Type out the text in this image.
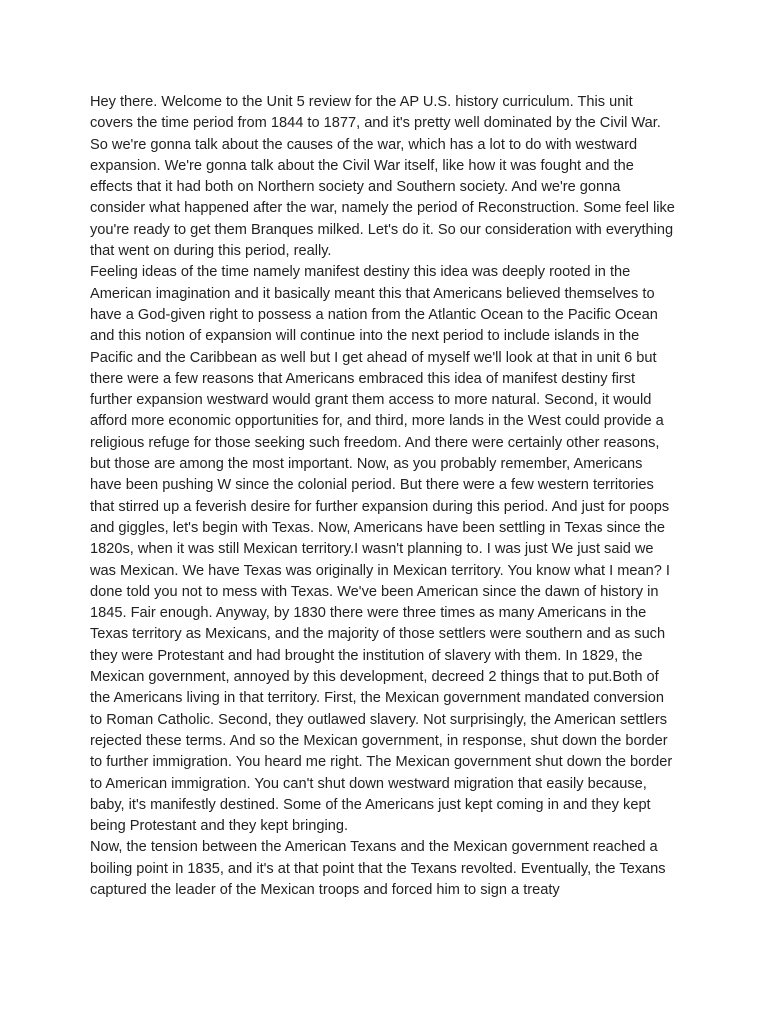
Hey there. Welcome to the Unit 5 review for the AP U.S. history curriculum. This unit covers the time period from 1844 to 1877, and it's pretty well dominated by the Civil War. So we're gonna talk about the causes of the war, which has a lot to do with westward expansion. We're gonna talk about the Civil War itself, like how it was fought and the effects that it had both on Northern society and Southern society. And we're gonna consider what happened after the war, namely the period of Reconstruction. Some feel like you're ready to get them Branques milked. Let's do it. So our consideration with everything that went on during this period, really.

Feeling ideas of the time namely manifest destiny this idea was deeply rooted in the American imagination and it basically meant this that Americans believed themselves to have a God-given right to possess a nation from the Atlantic Ocean to the Pacific Ocean and this notion of expansion will continue into the next period to include islands in the Pacific and the Caribbean as well but I get ahead of myself we'll look at that in unit 6 but there were a few reasons that Americans embraced this idea of manifest destiny first further expansion westward would grant them access to more natural. Second, it would afford more economic opportunities for, and third, more lands in the West could provide a religious refuge for those seeking such freedom. And there were certainly other reasons, but those are among the most important. Now, as you probably remember, Americans have been pushing W since the colonial period. But there were a few western territories that stirred up a feverish desire for further expansion during this period. And just for poops and giggles, let's begin with Texas. Now, Americans have been settling in Texas since the 1820s, when it was still Mexican territory.I wasn't planning to. I was just We just said we was Mexican. We have Texas was originally in Mexican territory. You know what I mean? I done told you not to mess with Texas. We've been American since the dawn of history in 1845. Fair enough. Anyway, by 1830 there were three times as many Americans in the Texas territory as Mexicans, and the majority of those settlers were southern and as such they were Protestant and had brought the institution of slavery with them. In 1829, the Mexican government, annoyed by this development, decreed 2 things that to put.Both of the Americans living in that territory. First, the Mexican government mandated conversion to Roman Catholic. Second, they outlawed slavery. Not surprisingly, the American settlers rejected these terms. And so the Mexican government, in response, shut down the border to further immigration. You heard me right. The Mexican government shut down the border to American immigration. You can't shut down westward migration that easily because, baby, it's manifestly destined. Some of the Americans just kept coming in and they kept being Protestant and they kept bringing.

Now, the tension between the American Texans and the Mexican government reached a boiling point in 1835, and it's at that point that the Texans revolted. Eventually, the Texans captured the leader of the Mexican troops and forced him to sign a treaty
